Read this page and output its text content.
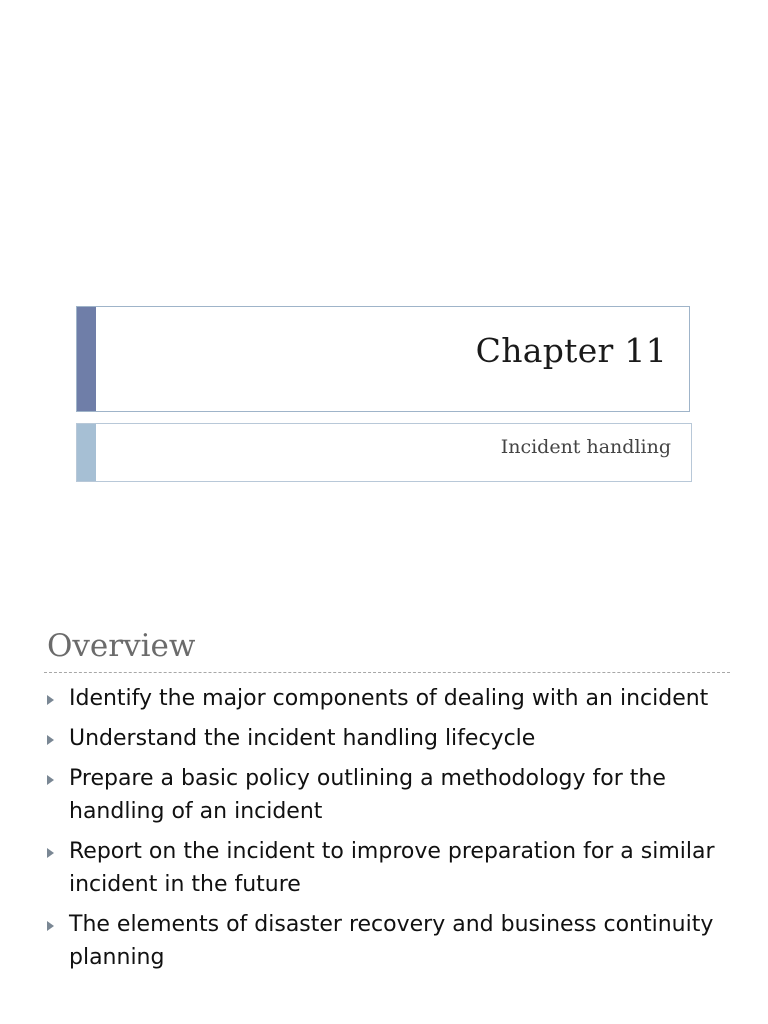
Chapter 11
Incident handling
Overview
Identify the major components of dealing with an incident
Understand the incident handling lifecycle
Prepare a basic policy outlining a methodology for the handling of an incident
Report on the incident to improve preparation for a similar incident in the future
The elements of disaster recovery and business continuity planning
